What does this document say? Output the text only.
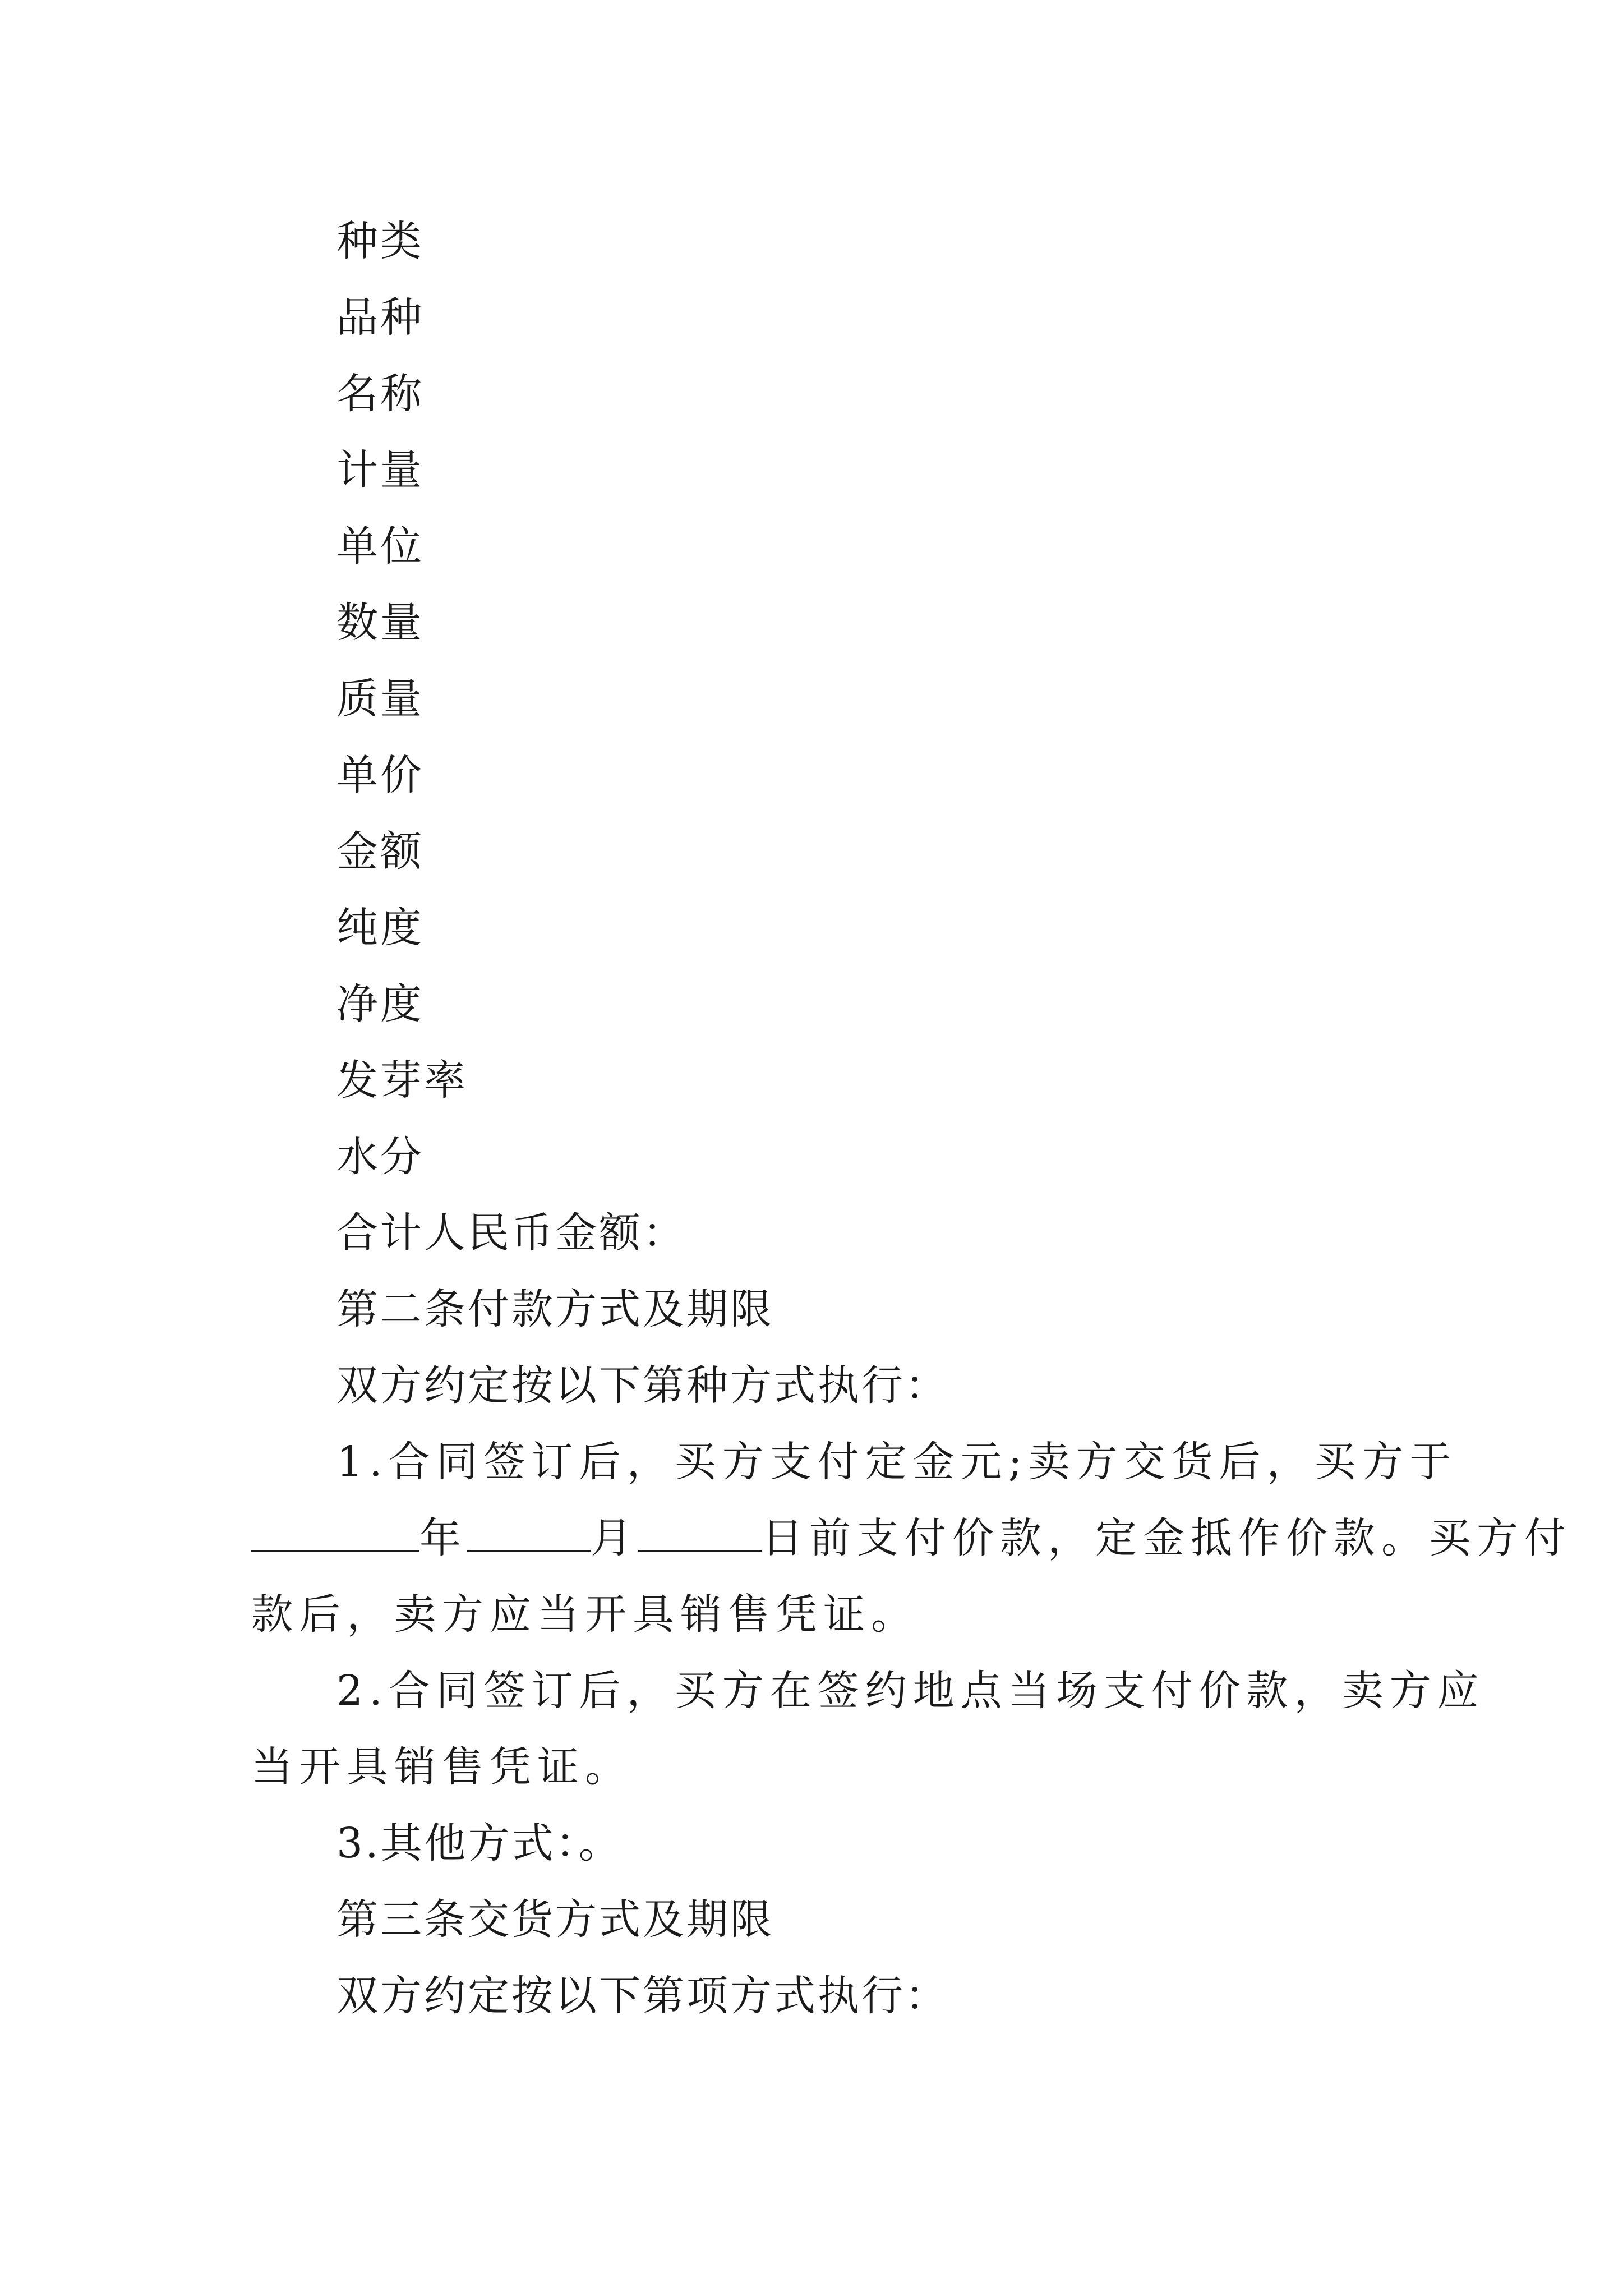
种类
品种
名称
计量
单位
数量
质量
单价
金额
纯度
净度
发芽率
水分
合计人民币金额：
第二条付款方式及期限
双方约定按以下第种方式执行：
1.合同签订后，买方支付定金元;卖方交货后，买方于
年	月	日前支付价款，定金抵作价款。买方付
款后，卖方应当开具销售凭证。
2.合同签订后，买方在签约地点当场支付价款，卖方应
当开具销售凭证。
3.其他方式：。
第三条交货方式及期限
双方约定按以下第项方式执行：
